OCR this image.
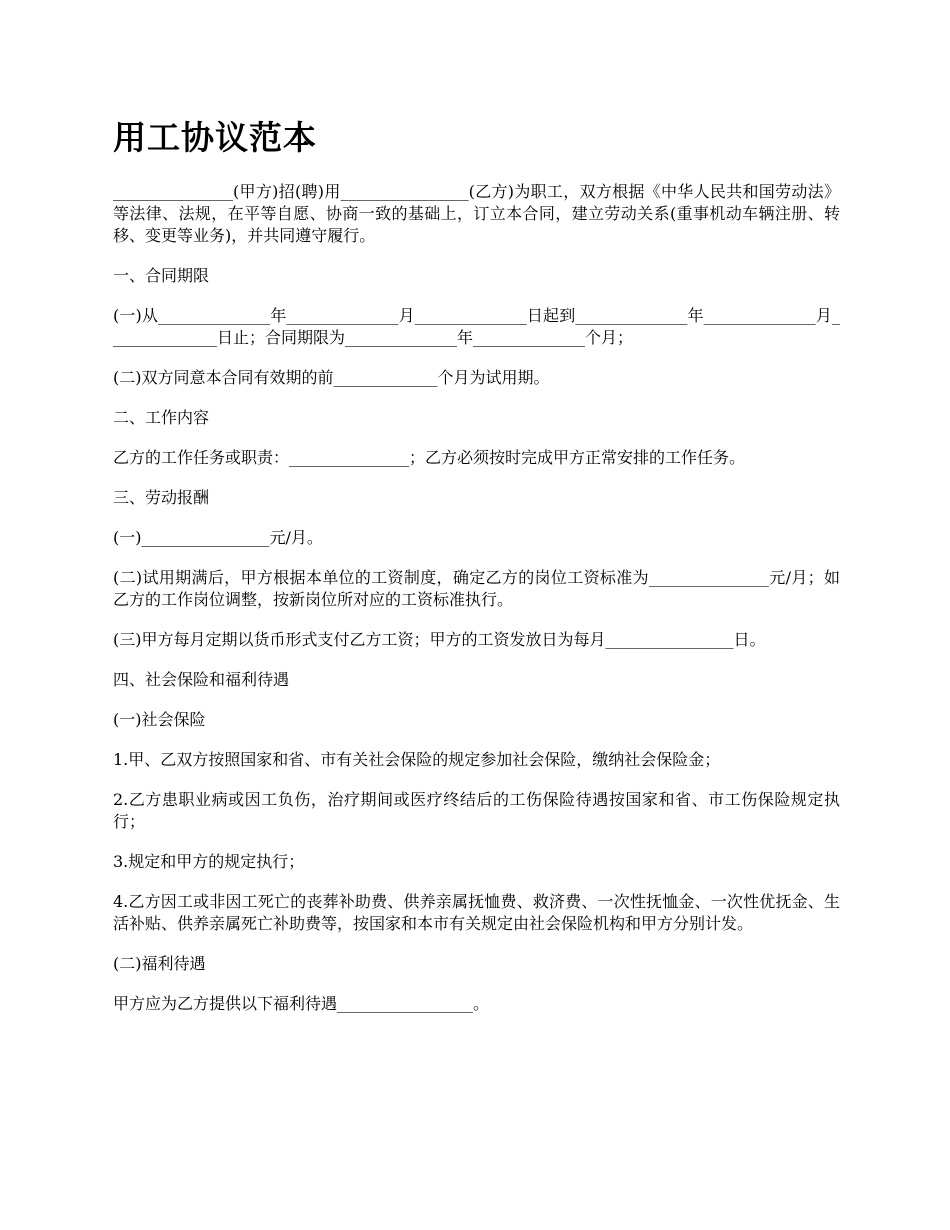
用工协议范本

_______________(甲方)招(聘)用________________(乙方)为职工，双方根据《中华人民共和国劳动法》等法律、法规，在平等自愿、协商一致的基础上，订立本合同，建立劳动关系(重事机动车辆注册、转移、变更等业务)，并共同遵守履行。

一、合同期限

(一)从______________年______________月______________日起到______________年______________月______________日止；合同期限为______________年______________个月；

(二)双方同意本合同有效期的前_____________个月为试用期。

二、工作内容

乙方的工作任务或职责：_______________；乙方必须按时完成甲方正常安排的工作任务。

三、劳动报酬

(一)________________元/月。

(二)试用期满后，甲方根据本单位的工资制度，确定乙方的岗位工资标准为_______________元/月；如乙方的工作岗位调整，按新岗位所对应的工资标准执行。

(三)甲方每月定期以货币形式支付乙方工资；甲方的工资发放日为每月________________日。

四、社会保险和福利待遇

(一)社会保险

1.甲、乙双方按照国家和省、市有关社会保险的规定参加社会保险，缴纳社会保险金；

2.乙方患职业病或因工负伤，治疗期间或医疗终结后的工伤保险待遇按国家和省、市工伤保险规定执行；

3.规定和甲方的规定执行；

4.乙方因工或非因工死亡的丧葬补助费、供养亲属抚恤费、救济费、一次性抚恤金、一次性优抚金、生活补贴、供养亲属死亡补助费等，按国家和本市有关规定由社会保险机构和甲方分别计发。

(二)福利待遇

甲方应为乙方提供以下福利待遇_________________。
